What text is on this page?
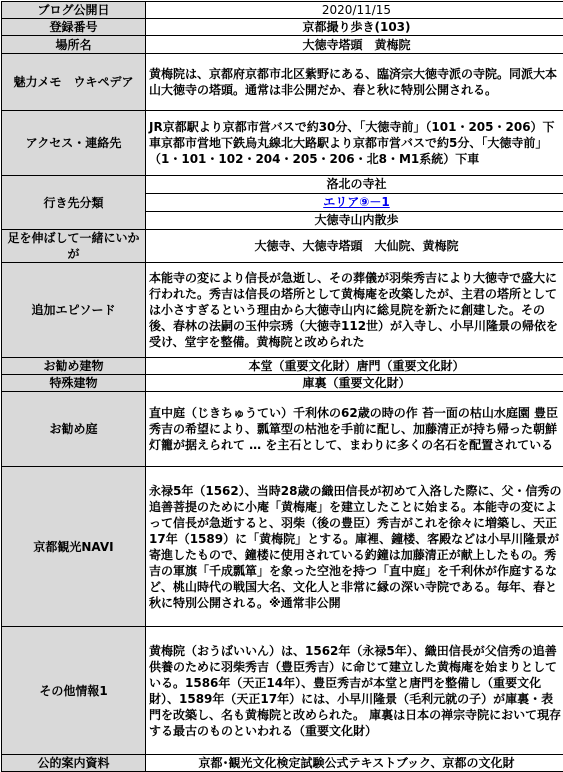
ブログ公開日	2020/11/15
登録番号	京都撮り歩き(103)
場所名	大徳寺塔頭　黄梅院
魅力メモ　ウキペデア	黄梅院は、京都府京都市北区紫野にある、臨済宗大徳寺派の寺院。同派大本山大徳寺の塔頭。通常は非公開だか、春と秋に特別公開される。
アクセス・連絡先	JR京都駅より京都市営バスで約30分、「大徳寺前」（101・205・206）下車京都市営地下鉄烏丸線北大路駅より京都市営バスで約5分、「大徳寺前」（1・101・102・204・205・206・北8・M1系統）下車
行き先分類	洛北の寺社
エリア⑨－1
大徳寺山内散歩

足を伸ばして一緒にいかが	大徳寺、大徳寺塔頭　大仙院、黄梅院
追加エピソード	本能寺の変により信長が急逝し、その葬儀が羽柴秀吉により大徳寺で盛大に行われた。秀吉は信長の塔所として黄梅庵を改築したが、主君の塔所としては小さすぎるという理由から大徳寺山内に総見院を新たに創建した。その後、春林の法嗣の玉仲宗琇（大徳寺112世）が入寺し、小早川隆景の帰依を受け、堂宇を整備。黄梅院と改められた
お勧め建物	本堂（重要文化財）唐門（重要文化財）
特殊建物	庫裏（重要文化財）
お勧め庭	直中庭（じきちゅうてい）千利休の62歳の時の作 苔一面の枯山水庭園 豊臣秀吉の希望により、瓢箪型の枯池を手前に配し、加藤清正が持ち帰った朝鮮灯籠が据えられて … を主石として、まわりに多くの名石を配置されている
京都観光NAVI	永禄5年（1562）、当時28歳の織田信長が初めて入洛した際に、父・信秀の追善菩提のために小庵「黄梅庵」を建立したことに始まる。本能寺の変によって信長が急逝すると、羽柴（後の豊臣）秀吉がこれを徐々に増築し、天正17年（1589）に「黄梅院」とする。庫裡、鐘楼、客殿などは小早川隆景が寄進したもので、鐘楼に使用されている釣鐘は加藤清正が献上したもの。秀吉の軍旗「千成瓢箪」を象った空池を持つ「直中庭」を千利休が作庭するなど、桃山時代の戦国大名、文化人と非常に縁の深い寺院である。毎年、春と秋に特別公開される。※通常非公開
その他情報1	黄梅院（おうばいいん）は、1562年（永禄5年）、織田信長が父信秀の追善供養のために羽柴秀吉（豊臣秀吉）に命じて建立した黄梅庵を始まりとしている。1586年（天正14年）、豊臣秀吉が本堂と唐門を整備し（重要文化財）、1589年（天正17年）には、小早川隆景（毛利元就の子）が庫裏・表門を改築し、名も黄梅院と改められた。 庫裏は日本の禅宗寺院において現存する最古のものといわれる（重要文化財）
公的案内資料	京都･観光文化検定試験公式テキストブック、京都の文化財
